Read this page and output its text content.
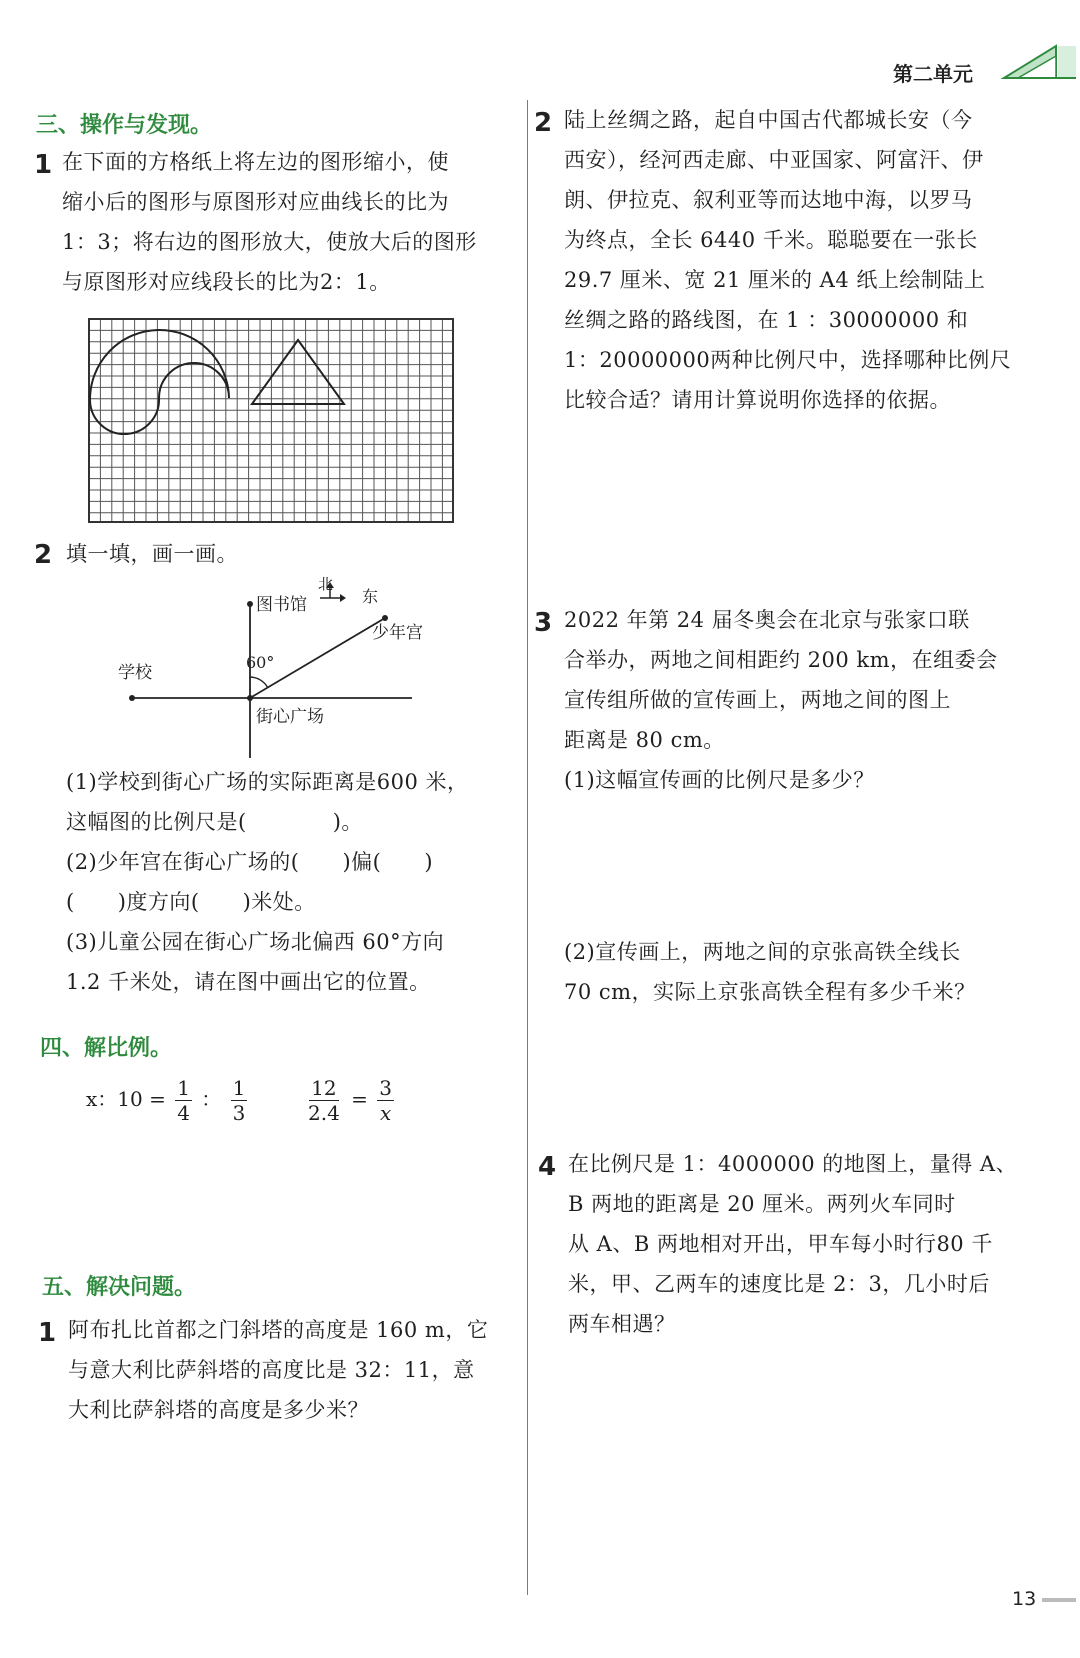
第二单元
三、操作与发现。
1 在下面的方格纸上将左边的图形缩小，使
缩小后的图形与原图形对应曲线长的比为
1：3；将右边的图形放大，使放大后的图形
与原图形对应线段长的比为2：1。
2 填一填，画一画。
图书馆	东
少年宫
学校
街心广场
60°
北
(1)学校到街心广场的实际距离是600 米，
这幅图的比例尺是(　　　　)。
(2)少年宫在街心广场的(　　)偏(　　)
(　　)度方向(　　)米处。
(3)儿童公园在街心广场北偏西 60°方向
1.2 千米处，请在图中画出它的位置。
四、解比例。
x：$10 = \frac{1}{4}$ ： $\frac{1}{3}$	$\frac{12}{2.4} = \frac{3}{x}$
五、解决问题。
1 阿布扎比首都之门斜塔的高度是 160 m，它
与意大利比萨斜塔的高度比是 32：11，意
大利比萨斜塔的高度是多少米？
2 陆上丝绸之路，起自中国古代都城长安（今
西安），经河西走廊、中亚国家、阿富汗、伊
朗、伊拉克、叙利亚等而达地中海，以罗马
为终点，全长 6440 千米。聪聪要在一张长
29.7 厘米、宽 21 厘米的 A4 纸上绘制陆上
丝绸之路的路线图，在 1 ：30000000 和
1：20000000两种比例尺中，选择哪种比例尺
比较合适？请用计算说明你选择的依据。
3 2022 年第 24 届冬奥会在北京与张家口联
合举办，两地之间相距约 200 km，在组委会
宣传组所做的宣传画上，两地之间的图上
距离是 80 cm。
(1)这幅宣传画的比例尺是多少？
(2)宣传画上，两地之间的京张高铁全线长
70 cm，实际上京张高铁全程有多少千米？
4 在比例尺是 1：4000000 的地图上，量得 A、
B 两地的距离是 20 厘米。两列火车同时
从 A、B 两地相对开出，甲车每小时行80 千
米，甲、乙两车的速度比是 2：3，几小时后
两车相遇？
13
